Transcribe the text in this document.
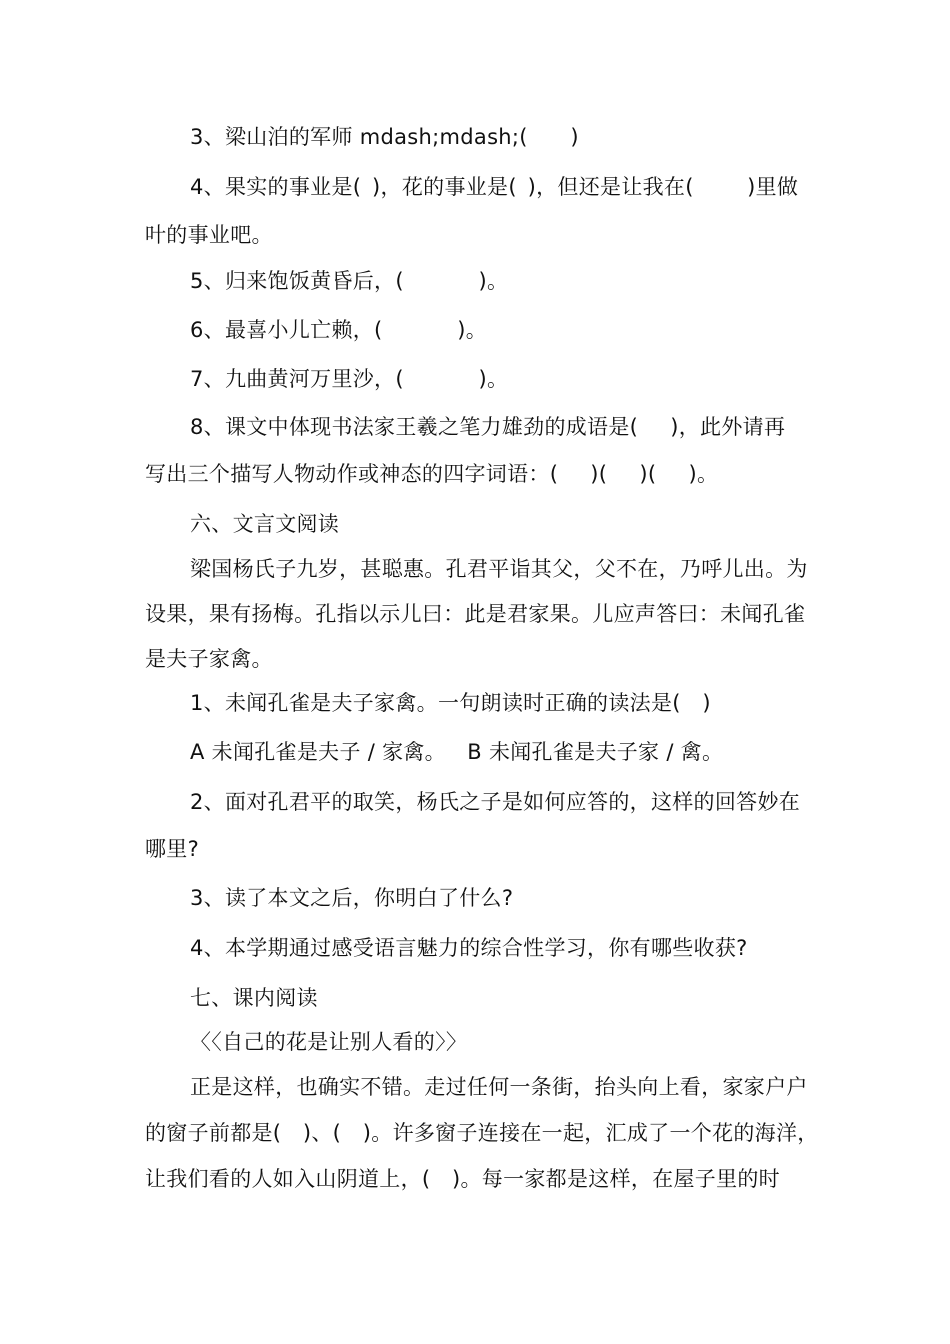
3、梁山泊的军师 mdash;mdash;(　　)
4、果实的事业是( )，花的事业是( )，但还是让我在(　　 )里做
叶的事业吧。
5、归来饱饭黄昏后，(　　　 )。
6、最喜小儿亡赖，(　　　 )。
7、九曲黄河万里沙，(　　　 )。
8、课文中体现书法家王羲之笔力雄劲的成语是(　 )，此外请再
写出三个描写人物动作或神态的四字词语：(　 )(　 )(　 )。
六、文言文阅读
梁国杨氏子九岁，甚聪惠。孔君平诣其父，父不在，乃呼儿出。为
设果，果有扬梅。孔指以示儿曰：此是君家果。儿应声答曰：未闻孔雀
是夫子家禽。
1、未闻孔雀是夫子家禽。一句朗读时正确的读法是(  )
A 未闻孔雀是夫子 / 家禽。 B 未闻孔雀是夫子家 / 禽。
2、面对孔君平的取笑，杨氏之子是如何应答的，这样的回答妙在
哪里?
3、读了本文之后，你明白了什么?
4、本学期通过感受语言魅力的综合性学习，你有哪些收获?
七、课内阅读
〈〈自己的花是让别人看的〉〉
正是这样，也确实不错。走过任何一条街，抬头向上看，家家户户
的窗子前都是(  )、(  )。许多窗子连接在一起，汇成了一个花的海洋，
让我们看的人如入山阴道上，(  )。每一家都是这样，在屋子里的时
